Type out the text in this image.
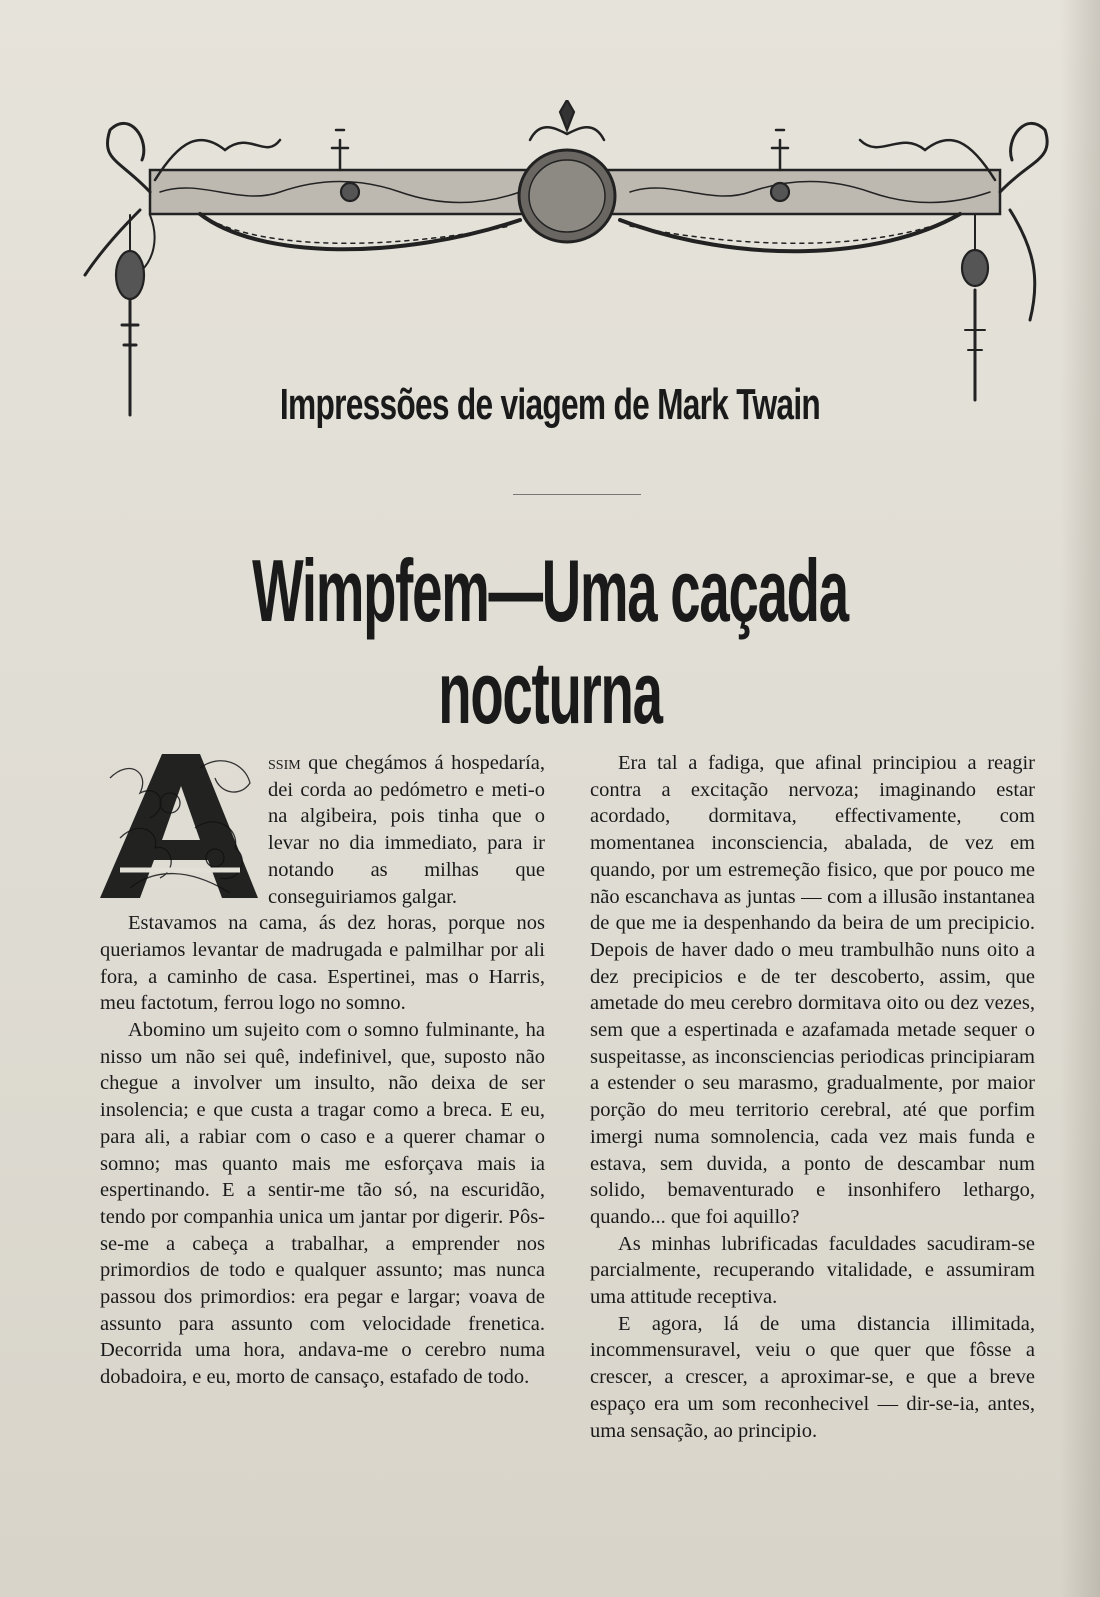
Impressões de viagem de Mark Twain
Wimpfem—Uma caçada nocturna
A

ssim que chegámos á hospedaría, dei corda ao pedómetro e meti-o na algibeira, pois tinha que o levar no dia immediato, para ir notando as milhas que conseguiriamos galgar.

Estavamos na cama, ás dez horas, porque nos queriamos levantar de madrugada e palmilhar por ali fora, a caminho de casa. Espertinei, mas o Harris, meu factotum, ferrou logo no somno.

Abomino um sujeito com o somno fulminante, ha nisso um não sei quê, indefinivel, que, suposto não chegue a involver um insulto, não deixa de ser insolencia; e que custa a tragar como a breca. E eu, para ali, a rabiar com o caso e a querer chamar o somno; mas quanto mais me esforçava mais ia espertinando. E a sentir-me tão só, na escuridão, tendo por companhia unica um jantar por digerir. Pôs-se-me a cabeça a trabalhar, a emprender nos primordios de todo e qualquer assunto; mas nunca passou dos primordios: era pegar e largar; voava de assunto para assunto com velocidade frenetica. Decorrida uma hora, andava-me o cerebro numa dobadoira, e eu, morto de cansaço, estafado de todo.

Era tal a fadiga, que afinal principiou a reagir contra a excitação nervoza; imaginando estar acordado, dormitava, effectivamente, com momentanea inconsciencia, abalada, de vez em quando, por um estremeção fisico, que por pouco me não escanchava as juntas — com a illusão instantanea de que me ia despenhando da beira de um precipicio. Depois de haver dado o meu trambulhão nuns oito a dez precipicios e de ter descoberto, assim, que ametade do meu cerebro dormitava oito ou dez vezes, sem que a espertinada e azafamada metade sequer o suspeitasse, as inconsciencias periodicas principiaram a estender o seu marasmo, gradualmente, por maior porção do meu territorio cerebral, até que porfim imergi numa somnolencia, cada vez mais funda e estava, sem duvida, a ponto de descambar num solido, bemaventurado e insonhifero lethargo, quando... que foi aquillo?

As minhas lubrificadas faculdades sacudiram-se parcialmente, recuperando vitalidade, e assumiram uma attitude receptiva.

E agora, lá de uma distancia illimitada, incommensuravel, veiu o que quer que fôsse a crescer, a crescer, a aproximar-se, e que a breve espaço era um som reconhecivel — dir-se-ia, antes, uma sensação, ao principio.
